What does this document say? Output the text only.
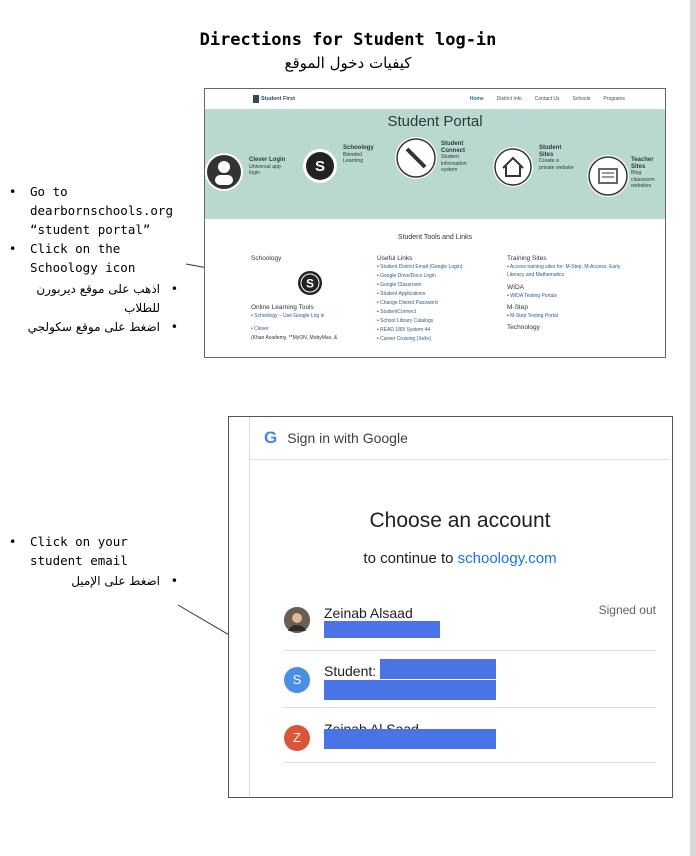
Directions for Student log-in
كيفيات دخول الموقع
• Go to dearbornschools.org “student portal”
• Click on the Schoology icon
• اذهب على موقع ديربورن للطلاب
• اضغط على موقع سكولجي
• Click on your student email
• اضغط على الإميل
Student First	Home	District Info	Contact Us	Schools	Programs
Student Portal
Clever Login
Universal app login	S
Schoology
Blended Learning
Student Connect
Student information system
Student Sites
Create a private website
Teacher Sites
Blog classroom websites
Student Tools and Links
Schoology
S
Online Learning Tools
• Schoology – Use Google Log in
• Clever
(Khan Academy, **MyON, MobyMax, &
Useful Links
• Student District Email (Google Login)
• Google Drive/Docs Login
• Google Classroom
• Student Applications
• Change District Password
• StudentConnect
• School Library Catalogs
• READ 180/ System 44
• Career Cruising (Xello)
Training Sites
• Access training sites for: M-Step, M-Access, Early Literacy and Mathematics
WIDA
• WIDA Testing Portals
M-Step
• M-Step Testing Portal
Technology
G Sign in with Google
Choose an account
to continue to schoology.com
Zeinab Alsaad	Signed out
S
Student:
Z
